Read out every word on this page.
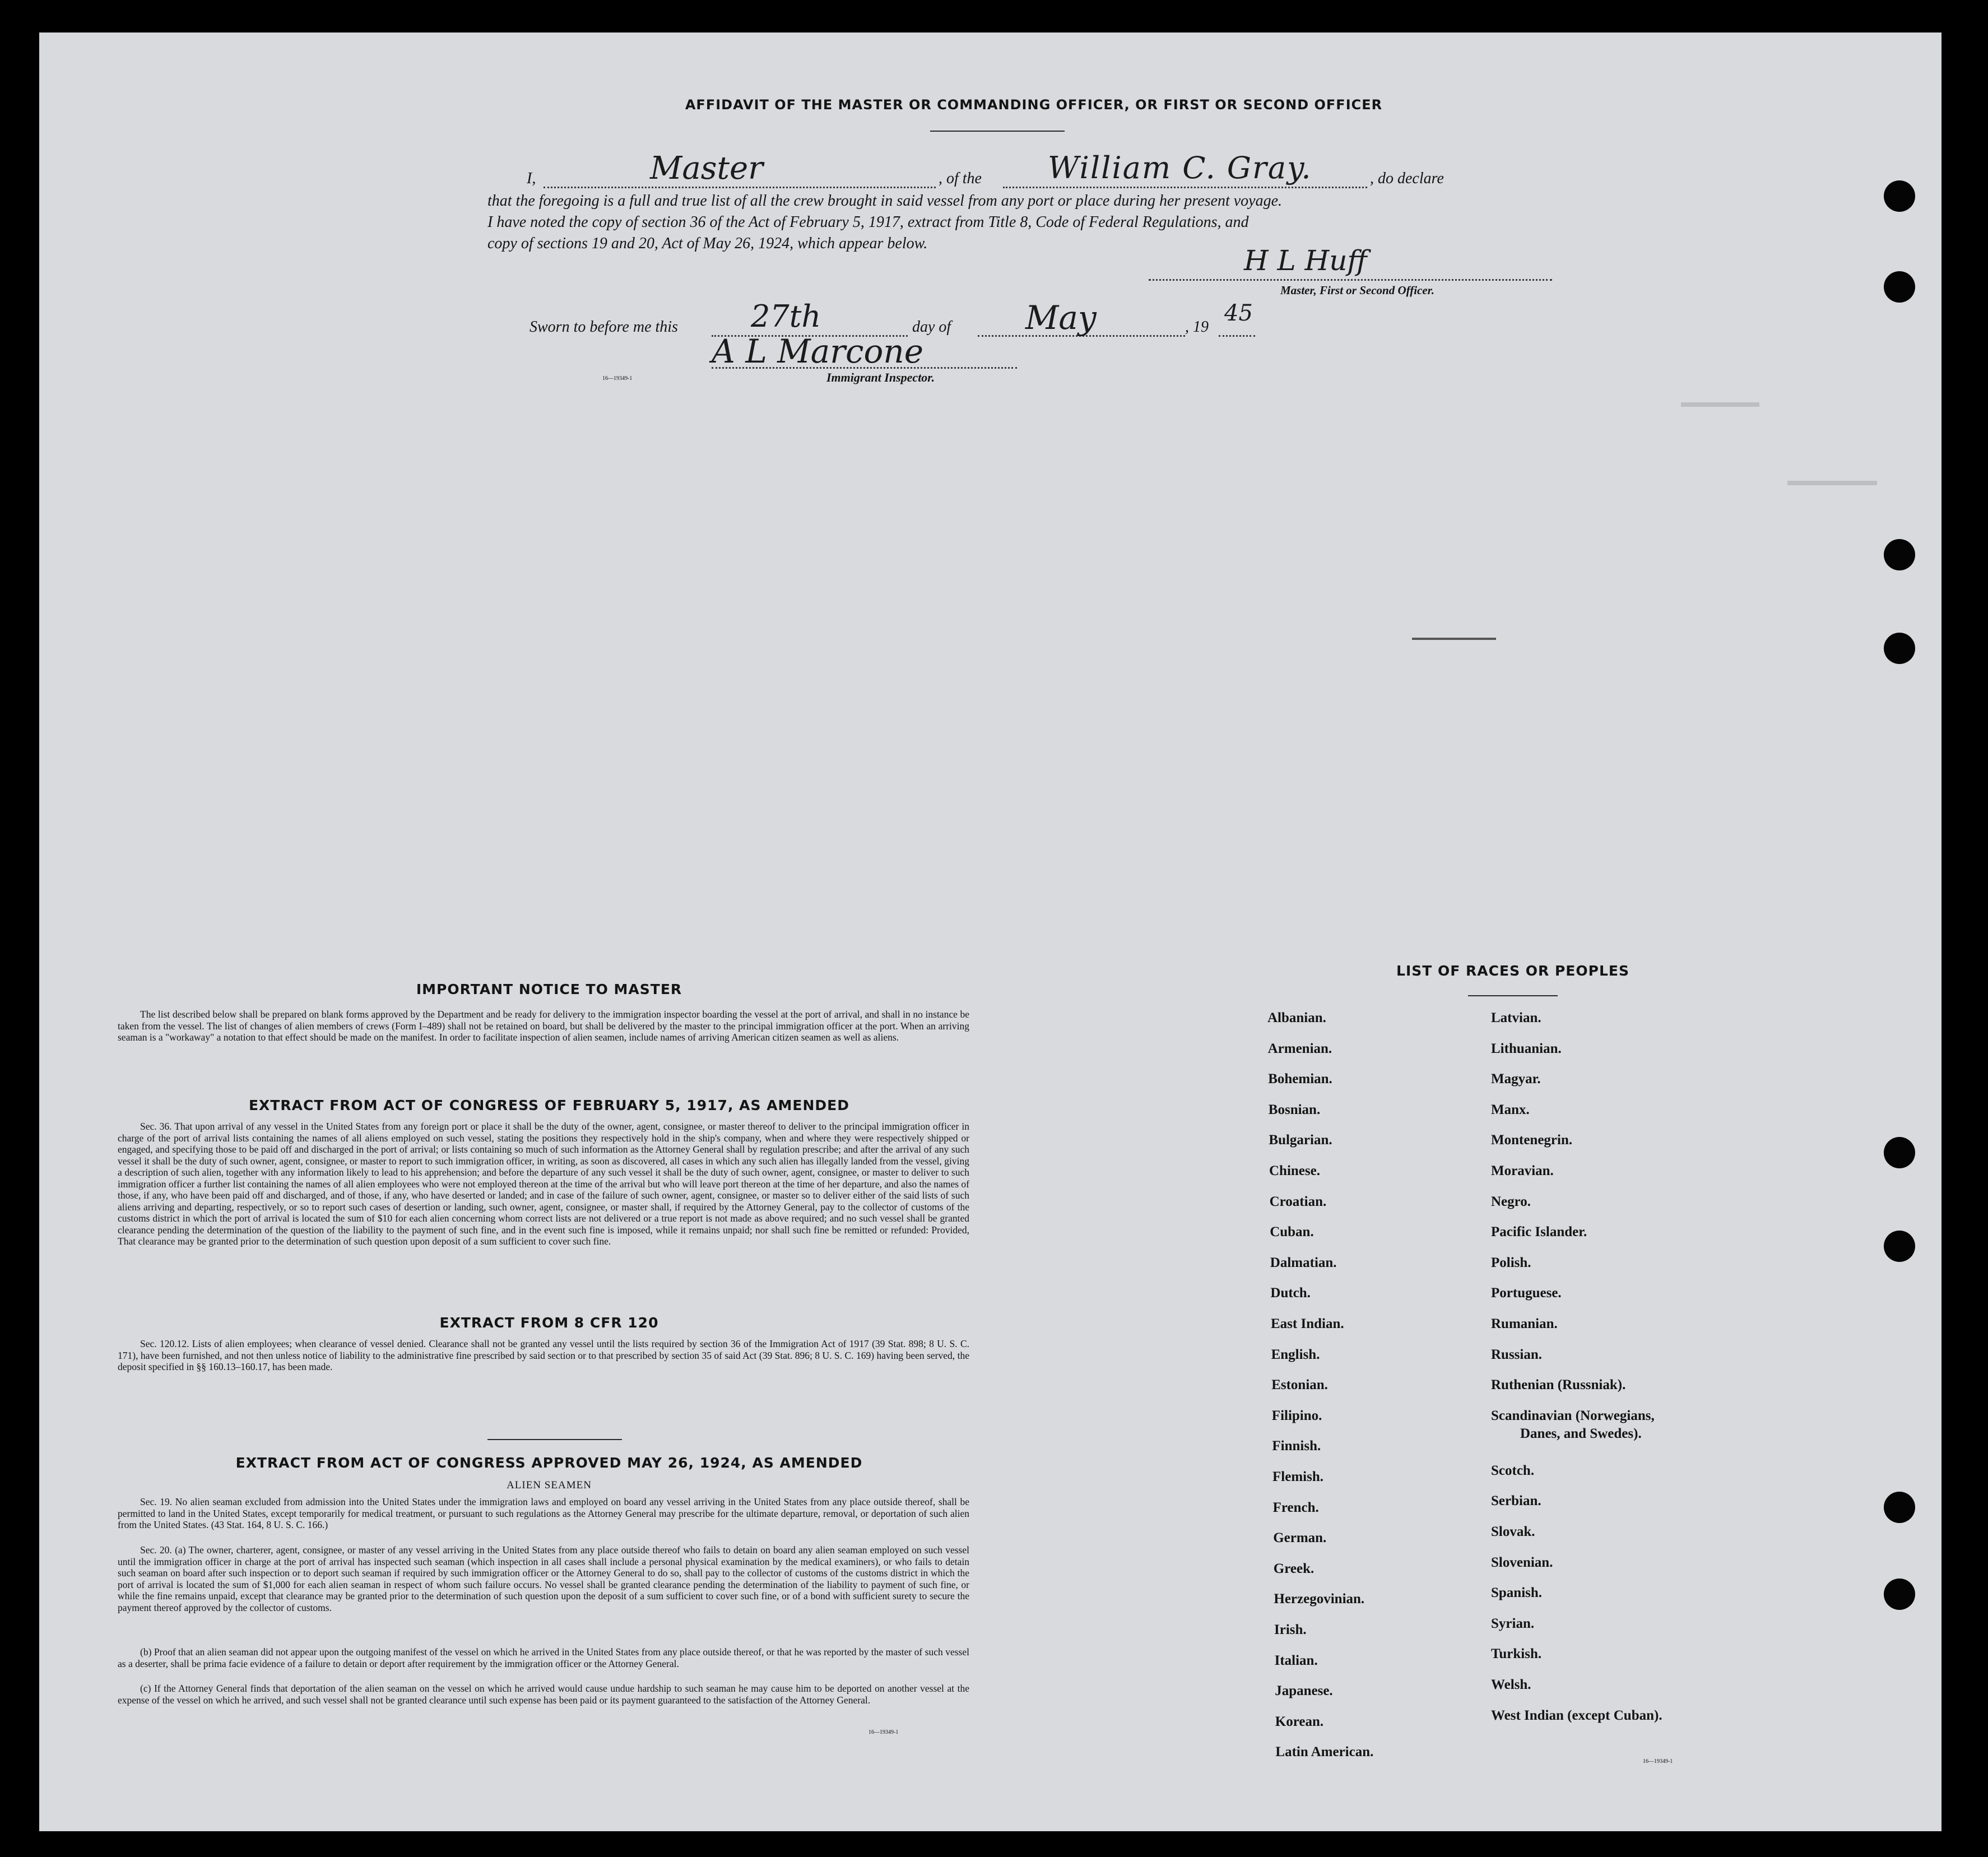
AFFIDAVIT OF THE MASTER OR COMMANDING OFFICER, OR FIRST OR SECOND OFFICER
I,	Master	, of the William C. Gray.	, do declare
that the foregoing is a full and true list of all the crew brought in said vessel from any port or place during her present voyage.
I have noted the copy of section 36 of the Act of February 5, 1917, extract from Title 8, Code of Federal Regulations, and
copy of sections 19 and 20, Act of May 26, 1924, which appear below.
H L Huff
Master, First or Second Officer.
Sworn to before me this 27th	day of May	, 19
45
A L Marcone
Immigrant Inspector.
16—19349-1
IMPORTANT NOTICE TO MASTER
The list described below shall be prepared on blank forms approved by the Department and be ready for delivery to the immigration inspector boarding the vessel at the port of arrival, and shall in no instance be taken from the vessel. The list of changes of alien members of crews (Form I–489) shall not be retained on board, but shall be delivered by the master to the principal immigration officer at the port. When an arriving seaman is a "workaway" a notation to that effect should be made on the manifest. In order to facilitate inspection of alien seamen, include names of arriving American citizen seamen as well as aliens.
EXTRACT FROM ACT OF CONGRESS OF FEBRUARY 5, 1917, AS AMENDED
Sec. 36. That upon arrival of any vessel in the United States from any foreign port or place it shall be the duty of the owner, agent, consignee, or master thereof to deliver to the principal immigration officer in charge of the port of arrival lists containing the names of all aliens employed on such vessel, stating the positions they respectively hold in the ship's company, when and where they were respectively shipped or engaged, and specifying those to be paid off and discharged in the port of arrival; or lists containing so much of such information as the Attorney General shall by regulation prescribe; and after the arrival of any such vessel it shall be the duty of such owner, agent, consignee, or master to report to such immigration officer, in writing, as soon as discovered, all cases in which any such alien has illegally landed from the vessel, giving a description of such alien, together with any information likely to lead to his apprehension; and before the departure of any such vessel it shall be the duty of such owner, agent, consignee, or master to deliver to such immigration officer a further list containing the names of all alien employees who were not employed thereon at the time of the arrival but who will leave port thereon at the time of her departure, and also the names of those, if any, who have been paid off and discharged, and of those, if any, who have deserted or landed; and in case of the failure of such owner, agent, consignee, or master so to deliver either of the said lists of such aliens arriving and departing, respectively, or so to report such cases of desertion or landing, such owner, agent, consignee, or master shall, if required by the Attorney General, pay to the collector of customs of the customs district in which the port of arrival is located the sum of $10 for each alien concerning whom correct lists are not delivered or a true report is not made as above required; and no such vessel shall be granted clearance pending the determination of the question of the liability to the payment of such fine, and in the event such fine is imposed, while it remains unpaid; nor shall such fine be remitted or refunded: Provided, That clearance may be granted prior to the determination of such question upon deposit of a sum sufficient to cover such fine.
EXTRACT FROM 8 CFR 120
Sec. 120.12. Lists of alien employees; when clearance of vessel denied. Clearance shall not be granted any vessel until the lists required by section 36 of the Immigration Act of 1917 (39 Stat. 898; 8 U. S. C. 171), have been furnished, and not then unless notice of liability to the administrative fine prescribed by said section or to that prescribed by section 35 of said Act (39 Stat. 896; 8 U. S. C. 169) having been served, the deposit specified in §§ 160.13–160.17, has been made.
EXTRACT FROM ACT OF CONGRESS APPROVED MAY 26, 1924, AS AMENDED
ALIEN SEAMEN
Sec. 19. No alien seaman excluded from admission into the United States under the immigration laws and employed on board any vessel arriving in the United States from any place outside thereof, shall be permitted to land in the United States, except temporarily for medical treatment, or pursuant to such regulations as the Attorney General may prescribe for the ultimate departure, removal, or deportation of such alien from the United States. (43 Stat. 164, 8 U. S. C. 166.)
Sec. 20. (a) The owner, charterer, agent, consignee, or master of any vessel arriving in the United States from any place outside thereof who fails to detain on board any alien seaman employed on such vessel until the immigration officer in charge at the port of arrival has inspected such seaman (which inspection in all cases shall include a personal physical examination by the medical examiners), or who fails to detain such seaman on board after such inspection or to deport such seaman if required by such immigration officer or the Attorney General to do so, shall pay to the collector of customs of the customs district in which the port of arrival is located the sum of $1,000 for each alien seaman in respect of whom such failure occurs. No vessel shall be granted clearance pending the determination of the liability to payment of such fine, or while the fine remains unpaid, except that clearance may be granted prior to the determination of such question upon the deposit of a sum sufficient to cover such fine, or of a bond with sufficient surety to secure the payment thereof approved by the collector of customs.
(b) Proof that an alien seaman did not appear upon the outgoing manifest of the vessel on which he arrived in the United States from any place outside thereof, or that he was reported by the master of such vessel as a deserter, shall be prima facie evidence of a failure to detain or deport after requirement by the immigration officer or the Attorney General.
(c) If the Attorney General finds that deportation of the alien seaman on the vessel on which he arrived would cause undue hardship to such seaman he may cause him to be deported on another vessel at the expense of the vessel on which he arrived, and such vessel shall not be granted clearance until such expense has been paid or its payment guaranteed to the satisfaction of the Attorney General.
16—19349-1
LIST OF RACES OR PEOPLES
Albanian.
Armenian.
Bohemian.
Bosnian.
Bulgarian.
Chinese.
Croatian.
Cuban.
Dalmatian.
Dutch.
East Indian.
English.
Estonian.
Filipino.
Finnish.
Flemish.
French.
German.
Greek.
Herzegovinian.
Irish.
Italian.
Japanese.
Korean.
Latin American.
Latvian.
Lithuanian.
Magyar.
Manx.
Montenegrin.
Moravian.
Negro.
Pacific Islander.
Polish.
Portuguese.
Rumanian.
Russian.
Ruthenian (Russniak).
Scandinavian (Norwegians,
Danes, and Swedes).
Scotch.
Serbian.
Slovak.
Slovenian.
Spanish.
Syrian.
Turkish.
Welsh.
West Indian (except Cuban).
16—19349-1
